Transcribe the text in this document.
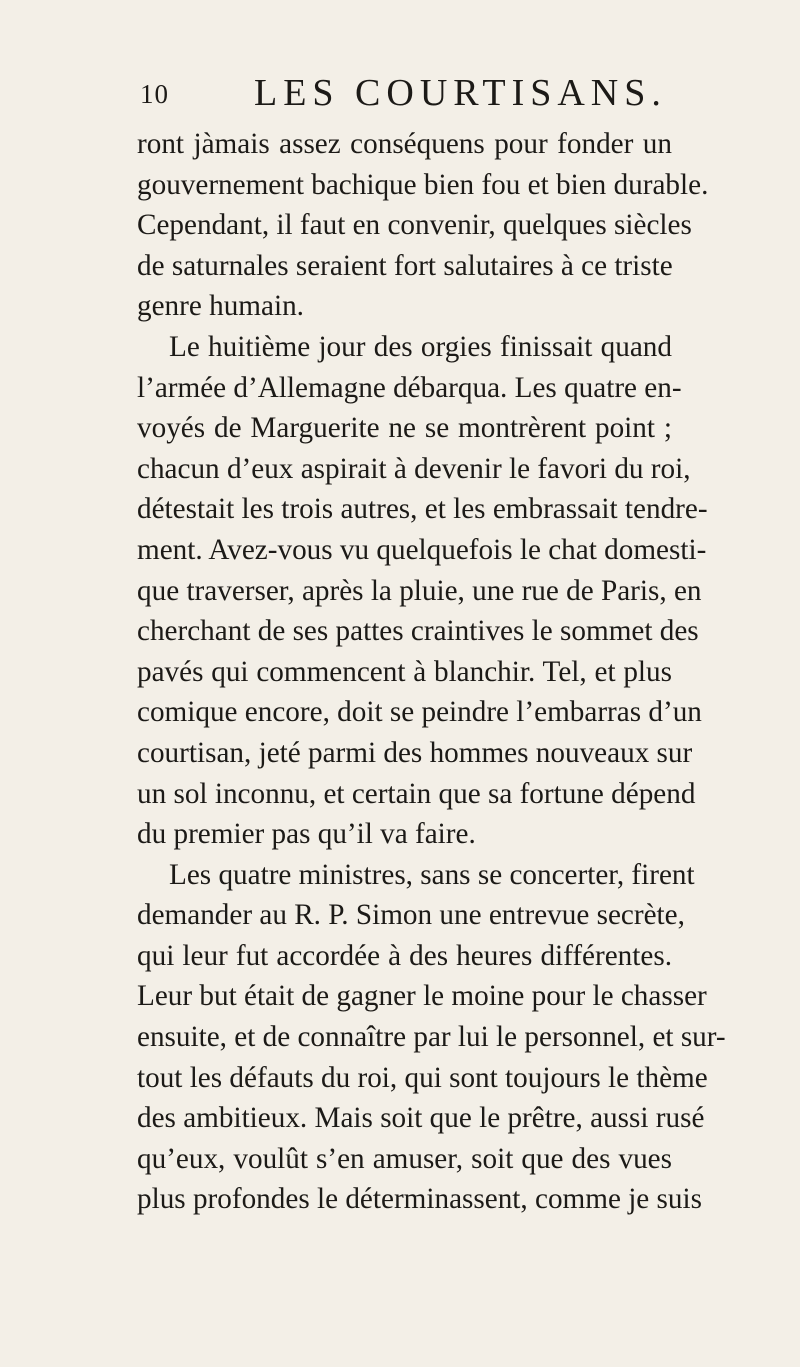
10 LES COURTISANS.
ront jàmais assez conséquens pour fonder un
gouvernement bachique bien fou et bien durable.
Cependant, il faut en convenir, quelques siècles
de saturnales seraient fort salutaires à ce triste
genre humain.
Le huitième jour des orgies finissait quand
l’armée d’Allemagne débarqua. Les quatre en-
voyés de Marguerite ne se montrèrent point ;
chacun d’eux aspirait à devenir le favori du roi,
détestait les trois autres, et les embrassait tendre-
ment. Avez-vous vu quelquefois le chat domesti-
que traverser, après la pluie, une rue de Paris, en
cherchant de ses pattes craintives le sommet des
pavés qui commencent à blanchir. Tel, et plus
comique encore, doit se peindre l’embarras d’un
courtisan, jeté parmi des hommes nouveaux sur
un sol inconnu, et certain que sa fortune dépend
du premier pas qu’il va faire.
Les quatre ministres, sans se concerter, firent
demander au R. P. Simon une entrevue secrète,
qui leur fut accordée à des heures différentes.
Leur but était de gagner le moine pour le chasser
ensuite, et de connaître par lui le personnel, et sur-
tout les défauts du roi, qui sont toujours le thème
des ambitieux. Mais soit que le prêtre, aussi rusé
qu’eux, voulût s’en amuser, soit que des vues
plus profondes le déterminassent, comme je suis
